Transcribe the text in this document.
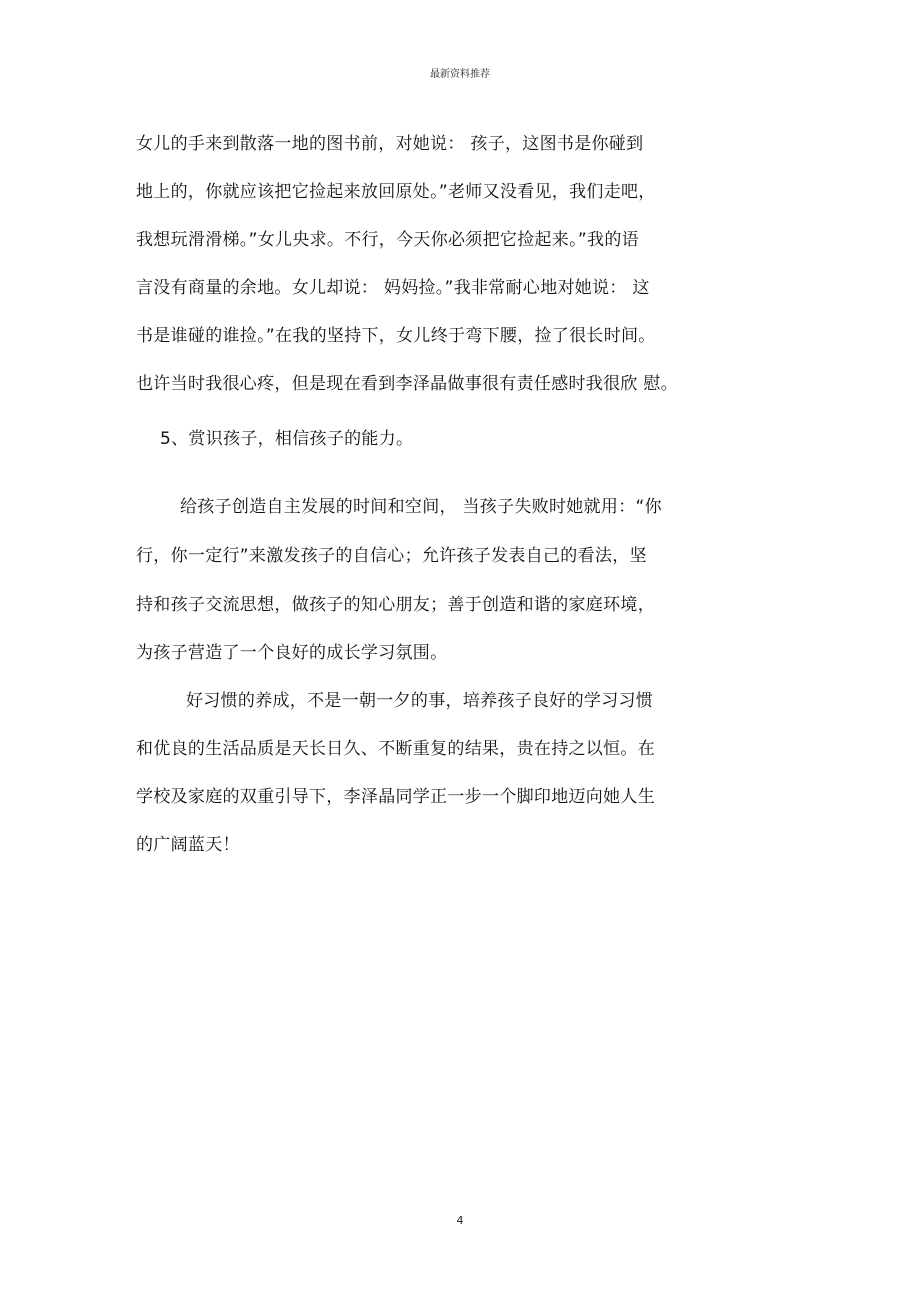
最新资料推荐
女儿的手来到散落一地的图书前，对她说： 孩子，这图书是你碰到
地上的，你就应该把它捡起来放回原处。”老师又没看见，我们走吧，
我想玩滑滑梯。”女儿央求。不行，今天你必须把它捡起来。”我的语
言没有商量的余地。女儿却说： 妈妈捡。”我非常耐心地对她说： 这
书是谁碰的谁捡。”在我的坚持下，女儿终于弯下腰，捡了很长时间。
也许当时我很心疼，但是现在看到李泽晶做事很有责任感时我很欣 慰。
5、赏识孩子，相信孩子的能力。
给孩子创造自主发展的时间和空间， 当孩子失败时她就用：“你
行，你一定行”来激发孩子的自信心；允许孩子发表自己的看法，坚
持和孩子交流思想，做孩子的知心朋友；善于创造和谐的家庭环境，
为孩子营造了一个良好的成长学习氛围。
好习惯的养成，不是一朝一夕的事，培养孩子良好的学习习惯
和优良的生活品质是天长日久、不断重复的结果，贵在持之以恒。在
学校及家庭的双重引导下，李泽晶同学正一步一个脚印地迈向她人生
的广阔蓝天！
4
